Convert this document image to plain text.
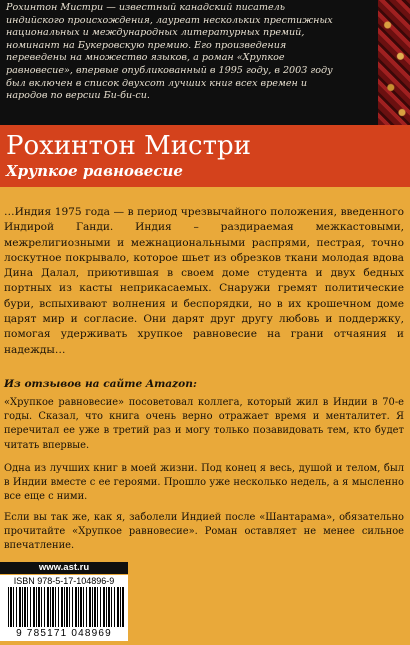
Рохинтон Мистри — известный канадский писатель индийского происхождения, лауреат нескольких престижных национальных и международных литературных премий, номинант на Букеровскую премию. Его произведения переведены на множество языков, а роман «Хрупкое равновесие», впервые опубликованный в 1995 году, в 2003 году был включен в список двухсот лучших книг всех времен и народов по версии Би-би-си.

Рохинтон Мистри
Хрупкое равновесие

…Индия 1975 года — в период чрезвычайного положения, введенного Индирой Ганди. Индия – раздираемая межкастовыми, межрелигиозными и межнациональными распрями, пестрая, точно лоскутное покрывало, которое шьет из обрезков ткани молодая вдова Дина Далал, приютившая в своем доме студента и двух бедных портных из касты неприкасаемых. Снаружи гремят политические бури, вспыхивают волнения и беспорядки, но в их крошечном доме царят мир и согласие. Они дарят друг другу любовь и поддержку, помогая удерживать хрупкое равновесие на грани отчаяния и надежды…

Из отзывов на сайте Amazon:

«Хрупкое равновесие» посоветовал коллега, который жил в Индии в 70-е годы. Сказал, что книга очень верно отражает время и менталитет. Я перечитал ее уже в третий раз и могу только позавидовать тем, кто будет читать впервые.

Одна из лучших книг в моей жизни. Под конец я весь, душой и телом, был в Индии вместе с ее героями. Прошло уже несколько недель, а я мысленно все еще с ними.

Если вы так же, как я, заболели Индией после «Шантарама», обязательно прочитайте «Хрупкое равновесие». Роман оставляет не менее сильное впечатление.

www.ast.ru

ISBN 978-5-17-104896-9

9 785171 048969
